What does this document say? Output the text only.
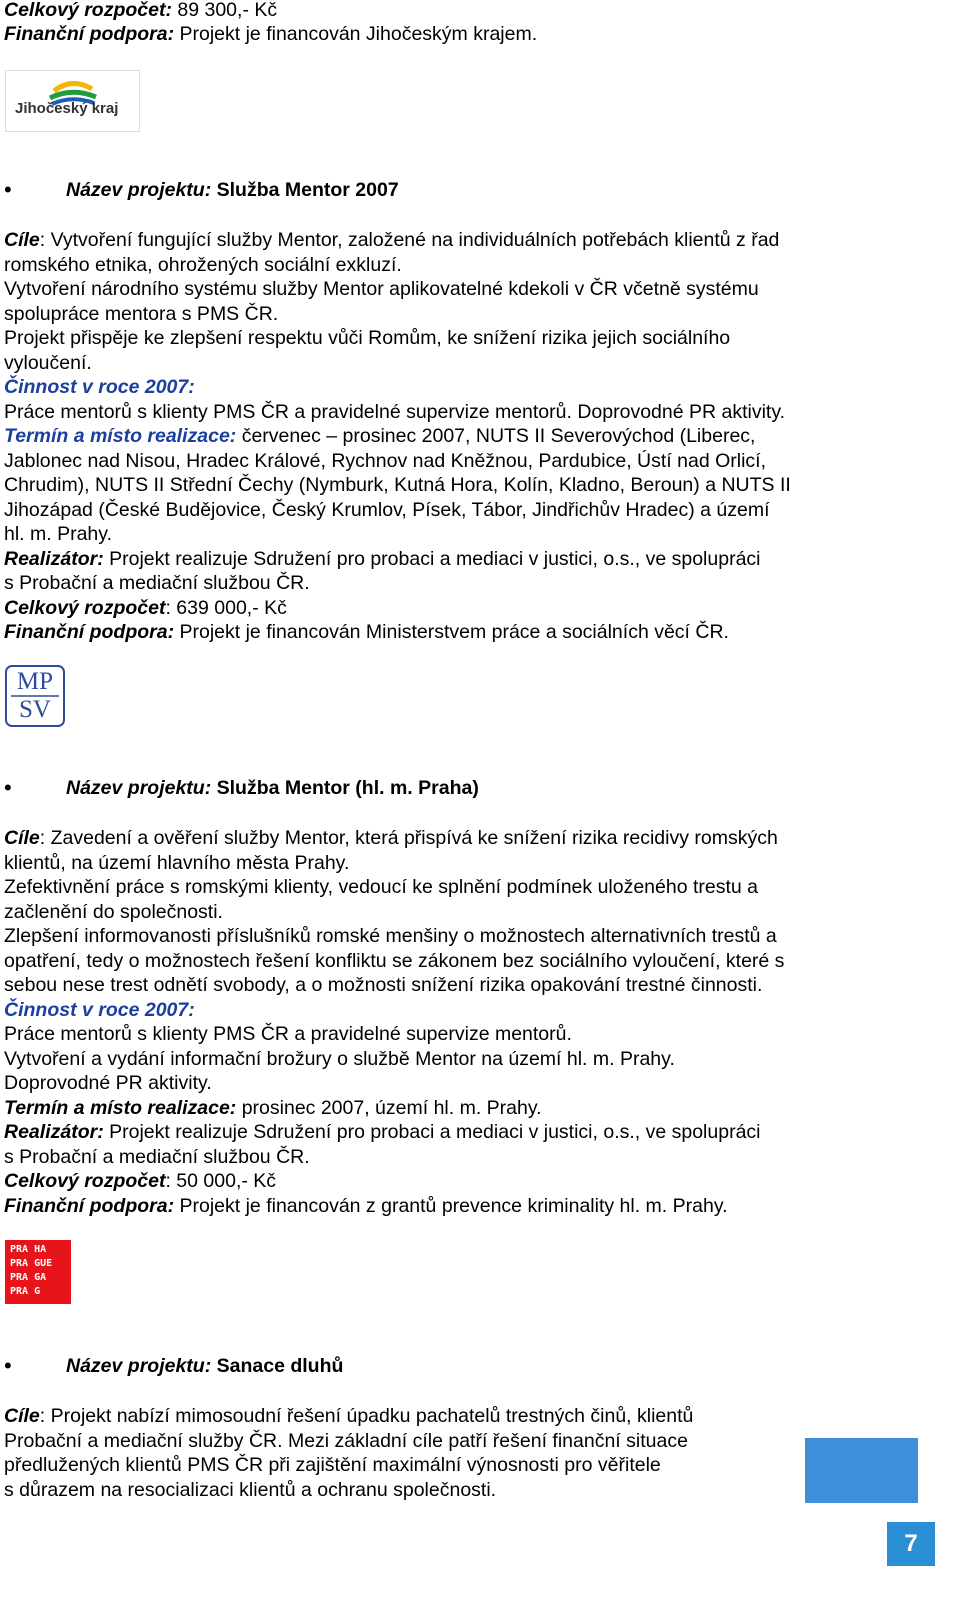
Celkový rozpočet: 89 300,- Kč
Finanční podpora: Projekt je financován Jihočeským krajem.
•	Název projektu: Služba Mentor 2007
Cíle: Vytvoření fungující služby Mentor, založené na individuálních potřebách klientů z řad
romského etnika, ohrožených sociální exkluzí.
Vytvoření národního systému služby Mentor aplikovatelné kdekoli v ČR včetně systému
spolupráce mentora s PMS ČR.
Projekt přispěje ke zlepšení respektu vůči Romům, ke snížení rizika jejich sociálního
vyloučení.
Činnost v roce 2007:
Práce mentorů s klienty PMS ČR a pravidelné supervize mentorů. Doprovodné PR aktivity.
Termín a místo realizace: červenec – prosinec 2007, NUTS II Severovýchod (Liberec,
Jablonec nad Nisou, Hradec Králové, Rychnov nad Kněžnou, Pardubice, Ústí nad Orlicí,
Chrudim), NUTS II Střední Čechy (Nymburk, Kutná Hora, Kolín, Kladno, Beroun) a NUTS II
Jihozápad (České Budějovice, Český Krumlov, Písek, Tábor, Jindřichův Hradec) a území
hl. m. Prahy.
Realizátor: Projekt realizuje Sdružení pro probaci a mediaci v justici, o.s., ve spolupráci
s Probační a mediační službou ČR.
Celkový rozpočet: 639 000,- Kč
Finanční podpora: Projekt je financován Ministerstvem práce a sociálních věcí ČR.
•	Název projektu: Služba Mentor (hl. m. Praha)
Cíle: Zavedení a ověření služby Mentor, která přispívá ke snížení rizika recidivy romských
klientů, na území hlavního města Prahy.
Zefektivnění práce s romskými klienty, vedoucí ke splnění podmínek uloženého trestu a
začlenění do společnosti.
Zlepšení informovanosti příslušníků romské menšiny o možnostech alternativních trestů a
opatření, tedy o možnostech řešení konfliktu se zákonem bez sociálního vyloučení, které s
sebou nese trest odnětí svobody, a o možnosti snížení rizika opakování trestné činnosti.
Činnost v roce 2007:
Práce mentorů s klienty PMS ČR a pravidelné supervize mentorů.
Vytvoření a vydání informační brožury o službě Mentor na území hl. m. Prahy.
Doprovodné PR aktivity.
Termín a místo realizace: prosinec 2007, území hl. m. Prahy.
Realizátor: Projekt realizuje Sdružení pro probaci a mediaci v justici, o.s., ve spolupráci
s Probační a mediační službou ČR.
Celkový rozpočet: 50 000,- Kč
Finanční podpora: Projekt je financován z grantů prevence kriminality hl. m. Prahy.
•	Název projektu: Sanace dluhů
Cíle: Projekt nabízí mimosoudní řešení úpadku pachatelů trestných činů, klientů
Probační a mediační služby ČR. Mezi základní cíle patří řešení finanční situace
předlužených klientů PMS ČR při zajištění maximální výnosnosti pro věřitele
s důrazem na resocializaci klientů a ochranu společnosti.
Jihočeský kraj
MP
SV
PRA HA
PRA GUE
PRA GA
PRA G
7
